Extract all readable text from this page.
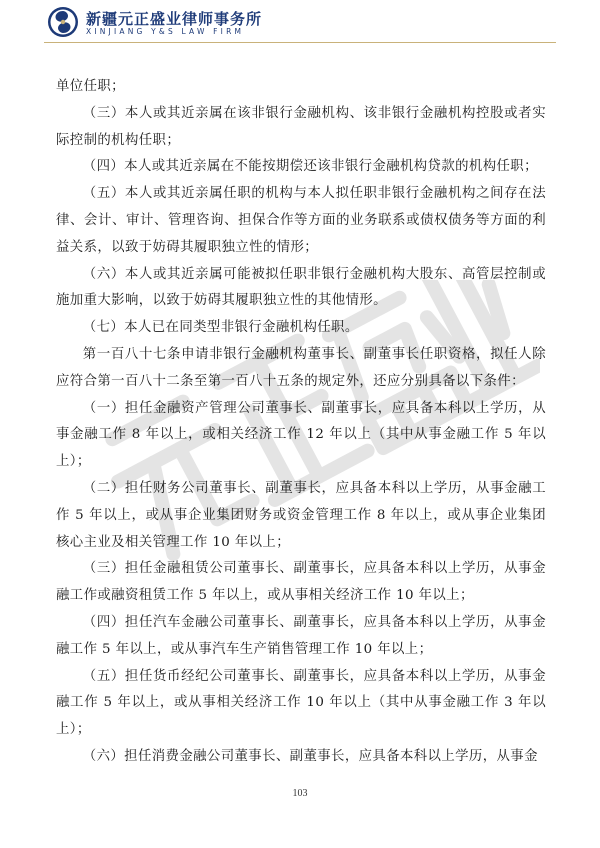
新疆元正盛业律师事务所
XINJIANG Y&S LAW FIRM

单位任职；

（三）本人或其近亲属在该非银行金融机构、该非银行金融机构控股或者实际控制的机构任职；

（四）本人或其近亲属在不能按期偿还该非银行金融机构贷款的机构任职；

（五）本人或其近亲属任职的机构与本人拟任职非银行金融机构之间存在法律、会计、审计、管理咨询、担保合作等方面的业务联系或债权债务等方面的利益关系，以致于妨碍其履职独立性的情形；

（六）本人或其近亲属可能被拟任职非银行金融机构大股东、高管层控制或施加重大影响，以致于妨碍其履职独立性的其他情形。

（七）本人已在同类型非银行金融机构任职。

第一百八十七条申请非银行金融机构董事长、副董事长任职资格，拟任人除应符合第一百八十二条至第一百八十五条的规定外，还应分别具备以下条件：

（一）担任金融资产管理公司董事长、副董事长，应具备本科以上学历，从事金融工作 8 年以上，或相关经济工作 12 年以上（其中从事金融工作 5 年以上）；

（二）担任财务公司董事长、副董事长，应具备本科以上学历，从事金融工作 5 年以上，或从事企业集团财务或资金管理工作 8 年以上，或从事企业集团核心主业及相关管理工作 10 年以上；

（三）担任金融租赁公司董事长、副董事长，应具备本科以上学历，从事金融工作或融资租赁工作 5 年以上，或从事相关经济工作 10 年以上；

（四）担任汽车金融公司董事长、副董事长，应具备本科以上学历，从事金融工作 5 年以上，或从事汽车生产销售管理工作 10 年以上；

（五）担任货币经纪公司董事长、副董事长，应具备本科以上学历，从事金融工作 5 年以上，或从事相关经济工作 10 年以上（其中从事金融工作 3 年以上）；

（六）担任消费金融公司董事长、副董事长，应具备本科以上学历，从事金

103
